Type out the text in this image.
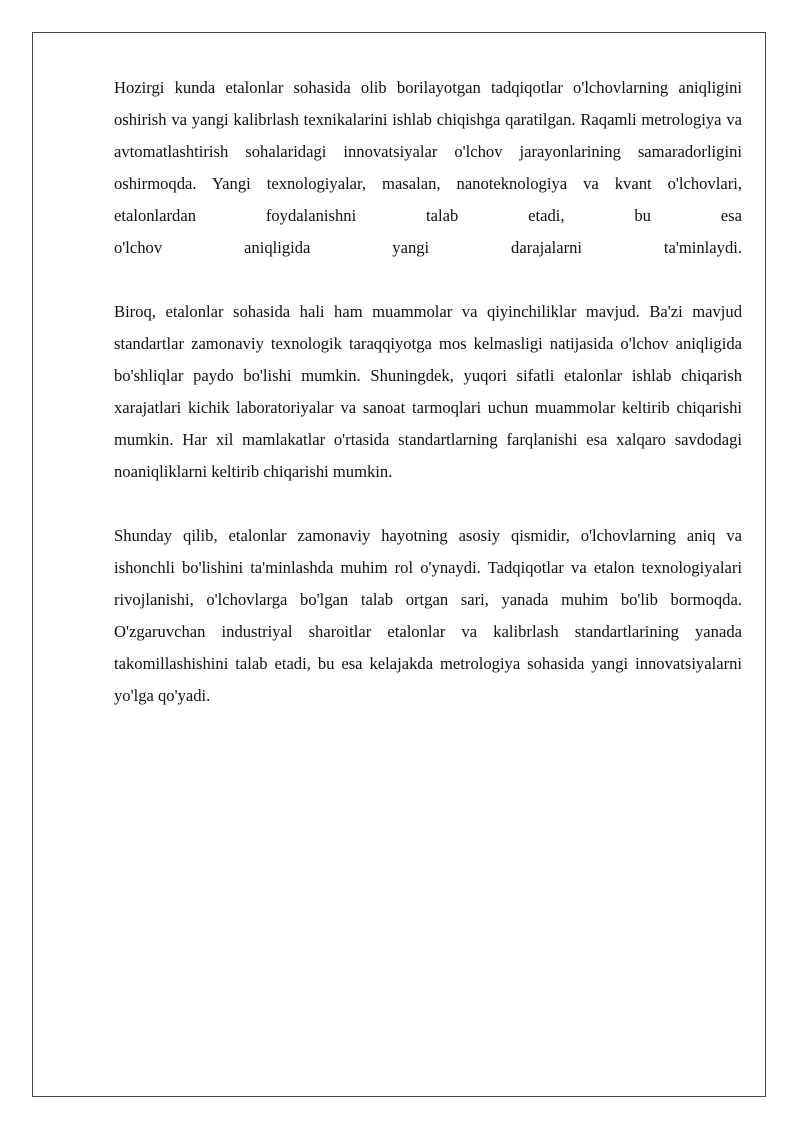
Hozirgi kunda etalonlar sohasida olib borilayotgan tadqiqotlar o'lchovlarning aniqligini oshirish va yangi kalibrlash texnikalarini ishlab chiqishga qaratilgan. Raqamli metrologiya va avtomatlashtirish sohalaridagi innovatsiyalar o'lchov jarayonlarining samaradorligini oshirmoqda. Yangi texnologiyalar, masalan, nanoteknologiya va kvant o'lchovlari, etalonlardan foydalanishni talab etadi, bu esa
o'lchov aniqligida yangi darajalarni ta'minlaydi.

Biroq, etalonlar sohasida hali ham muammolar va qiyinchiliklar mavjud. Ba'zi mavjud standartlar zamonaviy texnologik taraqqiyotga mos kelmasligi natijasida o'lchov aniqligida bo'shliqlar paydo bo'lishi mumkin. Shuningdek, yuqori sifatli etalonlar ishlab chiqarish xarajatlari kichik laboratoriyalar va sanoat tarmoqlari uchun muammolar keltirib chiqarishi mumkin. Har xil mamlakatlar o'rtasida standartlarning farqlanishi esa xalqaro savdodagi noaniqliklarni keltirib chiqarishi mumkin.

Shunday qilib, etalonlar zamonaviy hayotning asosiy qismidir, o'lchovlarning aniq va ishonchli bo'lishini ta'minlashda muhim rol o'ynaydi. Tadqiqotlar va etalon texnologiyalari rivojlanishi, o'lchovlarga bo'lgan talab ortgan sari, yanada muhim bo'lib bormoqda. O'zgaruvchan industriyal sharoitlar etalonlar va kalibrlash standartlarining yanada takomillashishini talab etadi, bu esa kelajakda metrologiya sohasida yangi innovatsiyalarni yo'lga qo'yadi.
